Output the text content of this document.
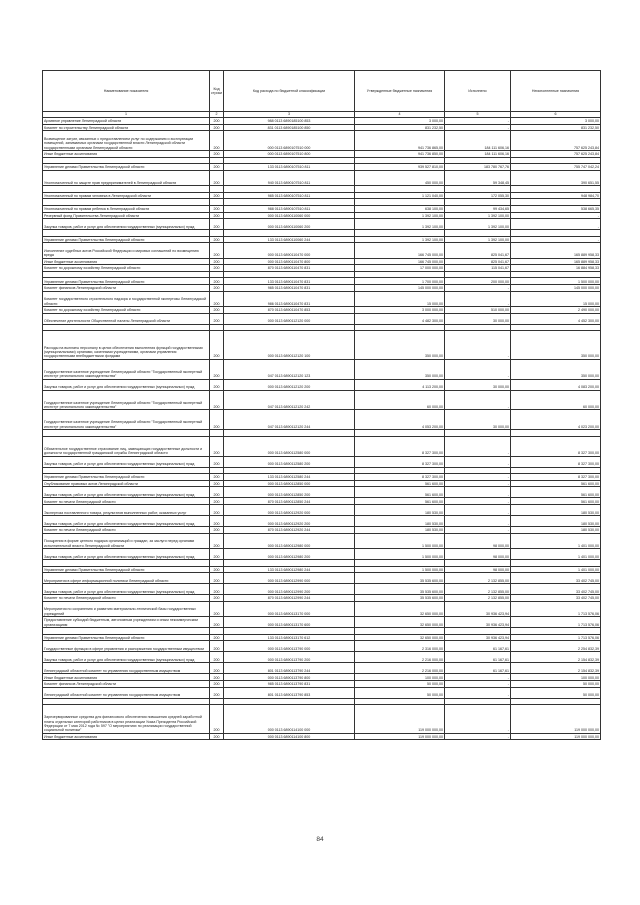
Наименование показателя	Код строки	Код расхода по бюджетной классификации	Утвержденные бюджетные назначения	Исполнено	Неисполненные назначения
1	2	3	4	5	6
Архивное управление Ленинградской области	200	988 0113 6890185100 853	3 000,00	-	3 000,00
Комитет по строительству Ленинградской области	200	831 0113 6890185100 850	831 232,50	-	831 232,50
Возмещение затрат, связанных с предоставлением услуг по содержанию и эксплуатации помещений, занимаемых органами государственной власти Ленинградской области государственными органами Ленинградской области	200	000 0113 6890107510 000	941 736 865,00	184 111 606,16	757 625 243,84
Иные бюджетные ассигнования	200	000 0113 6890107510 800	941 736 850,00	184 111 606,16	757 625 243,84

Управление делами Правительства Ленинградской области	200	133 0113 6890107510 811	939 527 810,00	183 780 767,76	755 747 042,24
Уполномоченный по защите прав предпринимателей в Ленинградской области	200	940 0113 6890107510 811	450 000,00	59 348,45	390 651,55

Уполномоченный по правам человека в Ленинградской области	200	985 0113 6890107510 811	1 121 040,00	172 055,30	948 984,70

Уполномоченный по правам ребенка в Ленинградской области	200	988 0113 6890107510 811	638 100,00	99 434,65	538 665,35
Резервный фонд Правительства Ленинградской области	200	000 0113 6890110060 000	1 392 100,00	1 392 100,00	-
Закупка товаров, работ и услуг для обеспечения государственных (муниципальных) нужд	200	000 0113 6890110060 200	1 392 100,00	1 392 100,00	-

Управление делами Правительства Ленинградской области	200	133 0113 6890110060 244	1 392 100,00	1 392 100,00	-
Исполнение судебных актов Российской Федерации и мировых соглашений по возмещению вреда	200	000 0113 6890110470 000	166 745 000,00	825 041,67	165 889 958,33
Иные бюджетные ассигнования	200	000 0113 6890110470 800	166 745 000,00	825 041,67	165 889 958,33
Комитет по дорожному хозяйству Ленинградской области	200	870 0113 6890110470 831	17 000 000,00	115 041,67	16 884 958,33

Управление делами Правительства Ленинградской области	200	133 0113 6890110470 831	1 700 000,00	200 000,00	1 500 000,00
Комитет финансов Ленинградской области	200	985 0113 6890110470 831	145 000 000,00	-	145 000 000,00
Комитет государственного строительного надзора и государственной экспертизы Ленинградской области	200	986 0113 6890110470 831	15 000,00	-	15 000,00
Комитет по дорожному хозяйству Ленинградской области	200	870 0113 6890110470 853	3 000 000,00	510 000,00	2 490 000,00
Обеспечение деятельности Общественной палаты Ленинградской области	200	000 0113 6890112120 000	4 482 300,00	30 000,00	4 452 300,00

Расходы на выплаты персоналу в целях обеспечения выполнения функций государственными (муниципальными) органами, казенными учреждениями, органами управления государственными внебюджетными фондами	200	000 0113 6890112120 100	350 000,00	-	350 000,00
Государственное казенное учреждение Ленинградской области "Государственный экспертный институт регионального законодательства"	200	047 0113 6890112120 123	350 000,00	-	350 000,00
Закупка товаров, работ и услуг для обеспечения государственных (муниципальных) нужд	200	000 0113 6890112120 200	4 113 200,00	30 000,00	4 083 200,00
Государственное казенное учреждение Ленинградской области "Государственный экспертный институт регионального законодательства"	200	047 0113 6890112120 242	60 000,00	-	60 000,00
Государственное казенное учреждение Ленинградской области "Государственный экспертный институт регионального законодательства"	200	047 0113 6890112120 244	4 053 200,00	30 000,00	4 023 200,00

Обязательное государственное страхование лиц, замещающих государственные должности и должности государственной гражданской службы Ленинградской области	200	000 0113 6890112580 000	8 327 300,00	-	8 327 300,00
Закупка товаров, работ и услуг для обеспечения государственных (муниципальных) нужд	200	000 0113 6890112580 200	8 327 300,00	-	8 327 300,00

Управление делами Правительства Ленинградской области	200	133 0113 6890112580 244	8 327 300,00	-	8 327 300,00
Опубликование правовых актов Ленинградской области	200	000 0113 6890112850 000	561 600,00	-	561 600,00
Закупка товаров, работ и услуг для обеспечения государственных (муниципальных) нужд	200	000 0113 6890112850 200	561 600,00	-	561 600,00
Комитет по печати Ленинградской области	200	870 0113 6890112850 244	561 600,00	-	561 600,00
Экспертиза поставленного товара, результатов выполненных работ, оказанных услуг	200	000 0113 6890112920 000	180 530,00	-	180 530,00
Закупка товаров, работ и услуг для обеспечения государственных (муниципальных) нужд	200	000 0113 6890112920 200	180 530,00	-	180 530,00
Комитет по печати Ленинградской области	200	870 0113 6890112920 244	180 530,00	-	180 530,00
Поощрения в форме ценного подарка организаций и граждан, за заслуги перед органами исполнительной власти Ленинградской области	200	000 0113 6890112980 000	1 500 000,00	98 000,00	1 401 000,00
Закупка товаров, работ и услуг для обеспечения государственных (муниципальных) нужд	200	000 0113 6890112980 200	1 500 000,00	98 000,00	1 401 000,00

Управление делами Правительства Ленинградской области	200	133 0113 6890112980 244	1 500 000,00	98 000,00	1 401 000,00
Мероприятия в сфере информационной политики Ленинградской области	200	000 0113 6890112990 000	35 535 600,00	2 132 855,00	33 402 745,00
Закупка товаров, работ и услуг для обеспечения государственных (муниципальных) нужд	200	000 0113 6890112990 200	35 535 600,00	2 132 855,00	33 402 745,00
Комитет по печати Ленинградской области	200	870 0113 6890112990 244	35 535 600,00	2 132 855,00	33 402 745,00
Мероприятия по сохранению и развитию материально-технической базы государственных учреждений	200	000 0113 6890113170 000	32 650 000,00	30 936 423,94	1 713 576,06
Предоставление субсидий бюджетным, автономным учреждениям и иным некоммерческим организациям	200	000 0113 6890113170 600	32 650 000,00	30 936 423,94	1 713 576,06

Управление делами Правительства Ленинградской области	200	133 0113 6890113170 612	32 650 000,00	30 936 423,94	1 713 576,06
Государственные функции в сфере управления и распоряжения государственным имуществом	200	000 0113 6890113790 000	2 316 000,00	61 167,61	2 254 832,39
Закупка товаров, работ и услуг для обеспечения государственных (муниципальных) нужд	200	000 0113 6890113790 200	2 216 000,00	61 167,61	2 154 832,39
Ленинградский областной комитет по управлению государственным имуществом	200	801 0113 6890113790 244	2 216 000,00	61 167,61	2 154 832,39
Иные бюджетные ассигнования	200	000 0113 6890113790 800	100 000,00	-	100 000,00
Комитет финансов Ленинградской области	200	985 0113 6890113790 831	50 000,00	-	50 000,00
Ленинградский областной комитет по управлению государственным имуществом	200	801 0113 6890113790 853	50 000,00	-	50 000,00

Зарезервированные средства для финансового обеспечения повышения средней заработной платы отдельных категорий работников в целях реализации Указа Президента Российской Федерации от 7 мая 2012 года № 597 "О мероприятиях по реализации государственной социальной политики"	200	000 0113 6890114100 000	119 000 000,00	-	119 000 000,00
Иные бюджетные ассигнования	200	000 0113 6890114100 800	119 000 000,00	-	119 000 000,00
84
